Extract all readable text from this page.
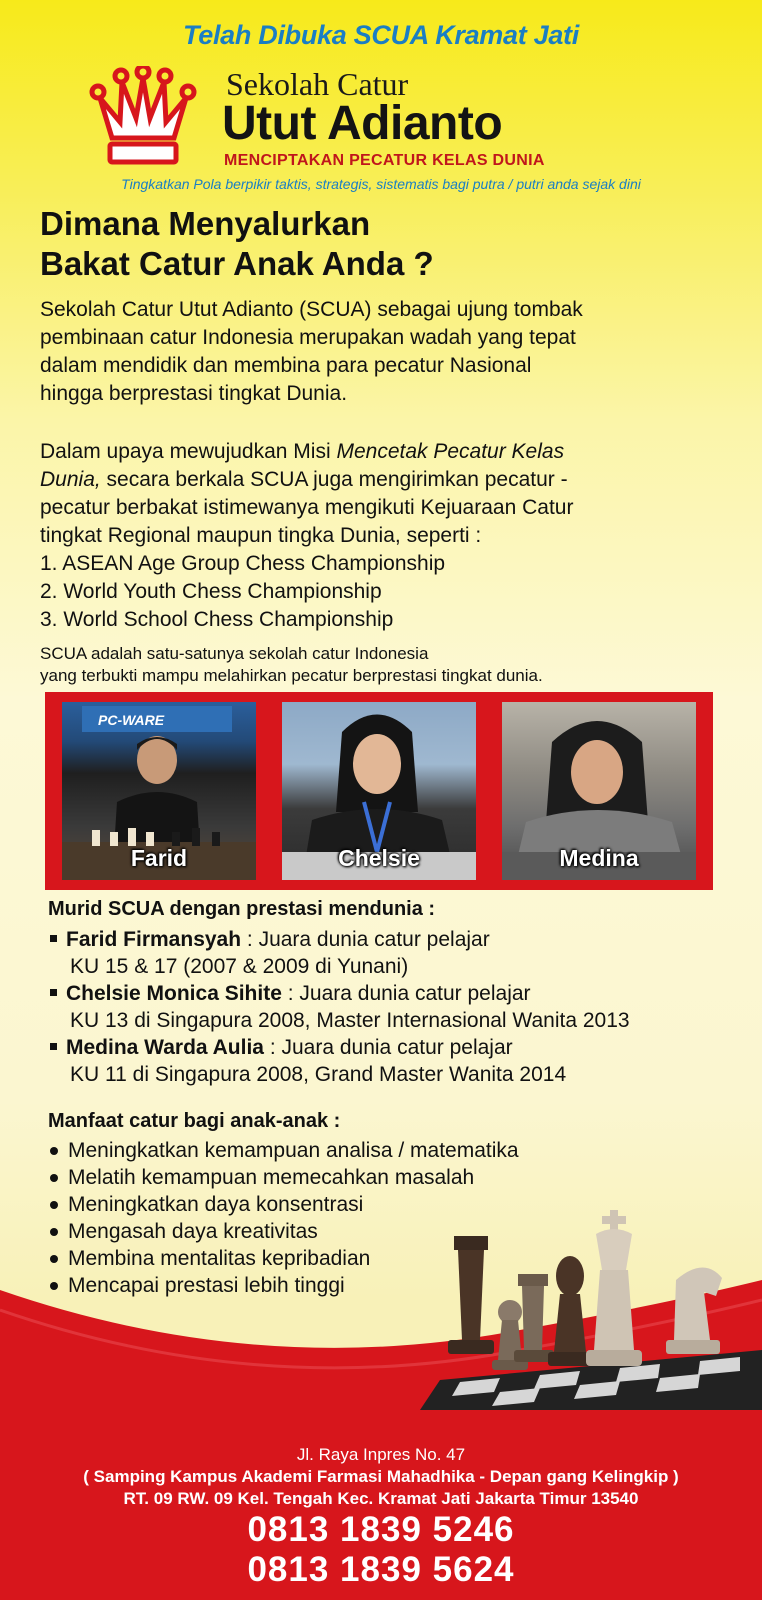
Telah Dibuka SCUA Kramat Jati
Sekolah Catur
Utut Adianto
MENCIPTAKAN PECATUR KELAS DUNIA
Tingkatkan Pola berpikir taktis, strategis, sistematis bagi putra / putri anda sejak dini
Dimana Menyalurkan
Bakat Catur Anak Anda ?
Sekolah Catur Utut Adianto (SCUA) sebagai ujung tombak
pembinaan catur Indonesia merupakan wadah yang tepat
dalam mendidik dan membina para pecatur Nasional
hingga berprestasi tingkat Dunia.
Dalam upaya mewujudkan Misi Mencetak Pecatur Kelas
Dunia, secara berkala SCUA juga mengirimkan pecatur -
pecatur berbakat istimewanya mengikuti Kejuaraan Catur
tingkat Regional maupun tingka Dunia, seperti :
1. ASEAN Age Group Chess Championship
2. World Youth Chess Championship
3. World School Chess Championship
SCUA adalah satu-satunya sekolah catur Indonesia
yang terbukti mampu melahirkan pecatur berprestasi tingkat dunia.
PC-WARE
Farid	Chelsie	Medina
Murid SCUA dengan prestasi mendunia :
Farid Firmansyah : Juara dunia catur pelajar
KU 15 & 17 (2007 & 2009 di Yunani)
Chelsie Monica Sihite : Juara dunia catur pelajar
KU 13 di Singapura 2008, Master Internasional Wanita 2013
Medina Warda Aulia : Juara dunia catur pelajar
KU 11 di Singapura 2008, Grand Master Wanita 2014
Manfaat catur bagi anak-anak :
Meningkatkan kemampuan analisa / matematika
Melatih kemampuan memecahkan masalah
Meningkatkan daya konsentrasi
Mengasah daya kreativitas
Membina mentalitas kepribadian
Mencapai prestasi lebih tinggi
Jl. Raya Inpres No. 47
( Samping Kampus Akademi Farmasi Mahadhika - Depan gang Kelingkip )
RT. 09 RW. 09 Kel. Tengah Kec. Kramat Jati Jakarta Timur 13540
0813 1839 5246
0813 1839 5624
